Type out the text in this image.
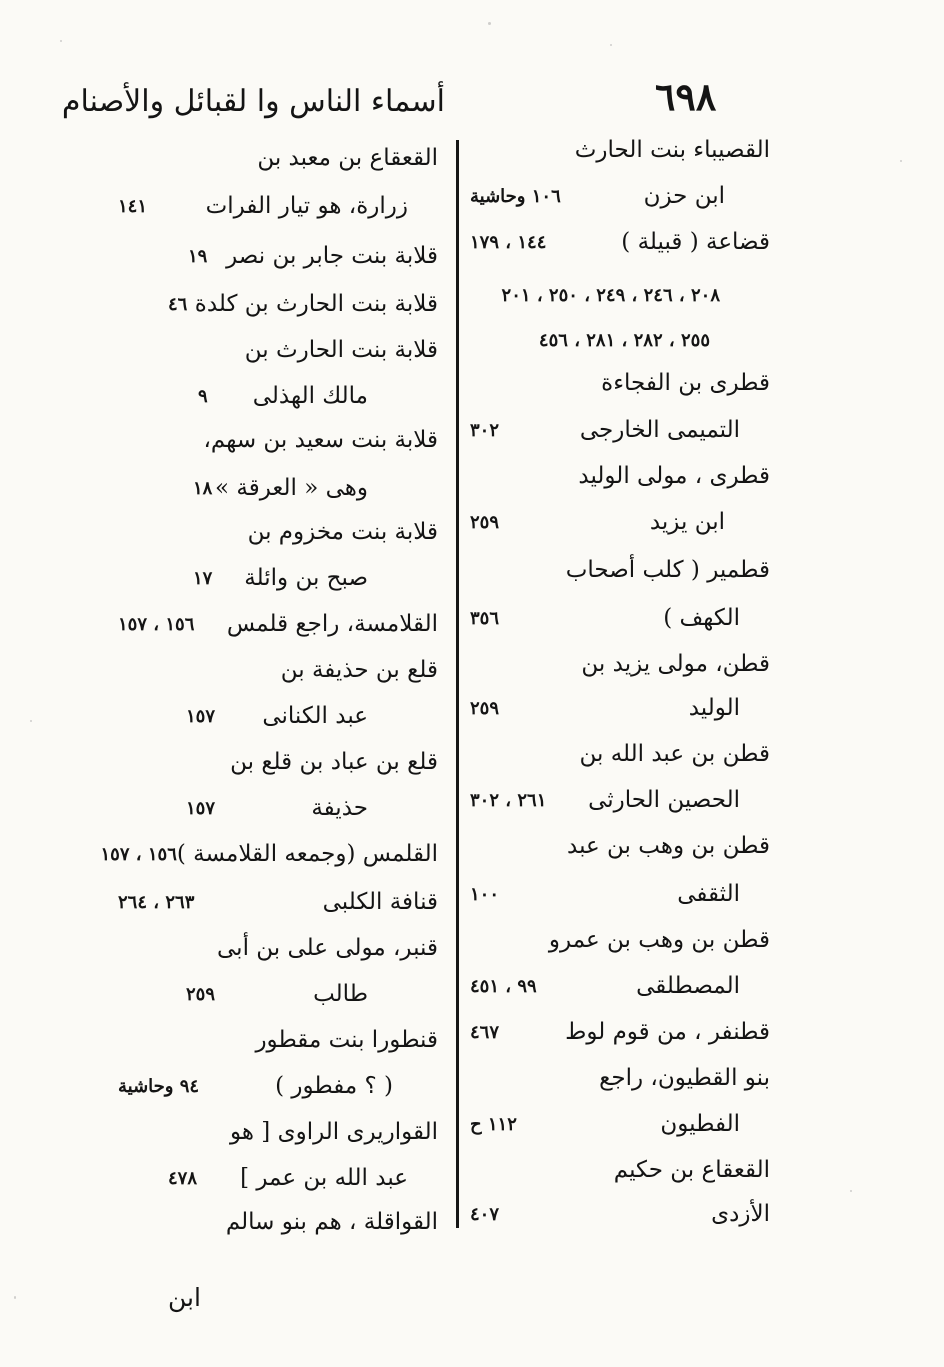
٦٩٨
أسماء الناس وا لقبائل والأصنام
القصيباء بنت الحارث
ابن حزن
١٠٦ وحاشية
قضاعة ( قبيلة )
١٤٤ ، ١٧٩
٢٠٨ ، ٢٤٦ ، ٢٤٩ ، ٢٥٠ ، ٢٠١
٢٥٥ ، ٢٨٢ ، ٢٨١ ، ٤٥٦
قطرى بن الفجاءة
التميمى الخارجى
٣٠٢
قطرى ، مولى الوليد
ابن يزيد
٢٥٩
قطمير ( كلب أصحاب
الكهف )
٣٥٦
قطن، مولى يزيد بن
الوليد
٢٥٩
قطن بن عبد الله بن
الحصين الحارثى
٢٦١ ، ٣٠٢
قطن بن وهب بن عبد
الثقفى
١٠٠
قطن بن وهب بن عمرو
المصطلقى
٩٩ ، ٤٥١
قطنفر ، من قوم لوط
٤٦٧
بنو القطيون، راجع
الفطيون
١١٢ ح
القعقاع بن حكيم
الأزدى
٤٠٧
القعقاع بن معبد بن
زرارة، هو تيار الفرات
١٤١
قلابة بنت جابر بن نصر
١٩
قلابة بنت الحارث بن كلدة
٤٦
قلابة بنت الحارث بن
مالك الهذلى
٩
قلابة بنت سعيد بن سهم،
وهى « العرقة »
١٨
قلابة بنت مخزوم بن
صبح بن وائلة
١٧
القلامسة، راجع قلمس
١٥٦ ، ١٥٧
قلع بن حذيفة بن
عبد الكنانى
١٥٧
قلع بن عباد بن قلع بن
حذيفة
١٥٧
القلمس (وجمعه القلامسة )
١٥٦ ، ١٥٧
قنافة الكلبى
٢٦٣ ، ٢٦٤
قنبر، مولى على بن أبى
طالب
٢٥٩
قنطورا بنت مقطور
( ؟ مفطور )
٩٤ وحاشية
القواريرى الراوى [ هو
عبد الله بن عمر ]
٤٧٨
القواقلة ، هم بنو سالم
ابن
